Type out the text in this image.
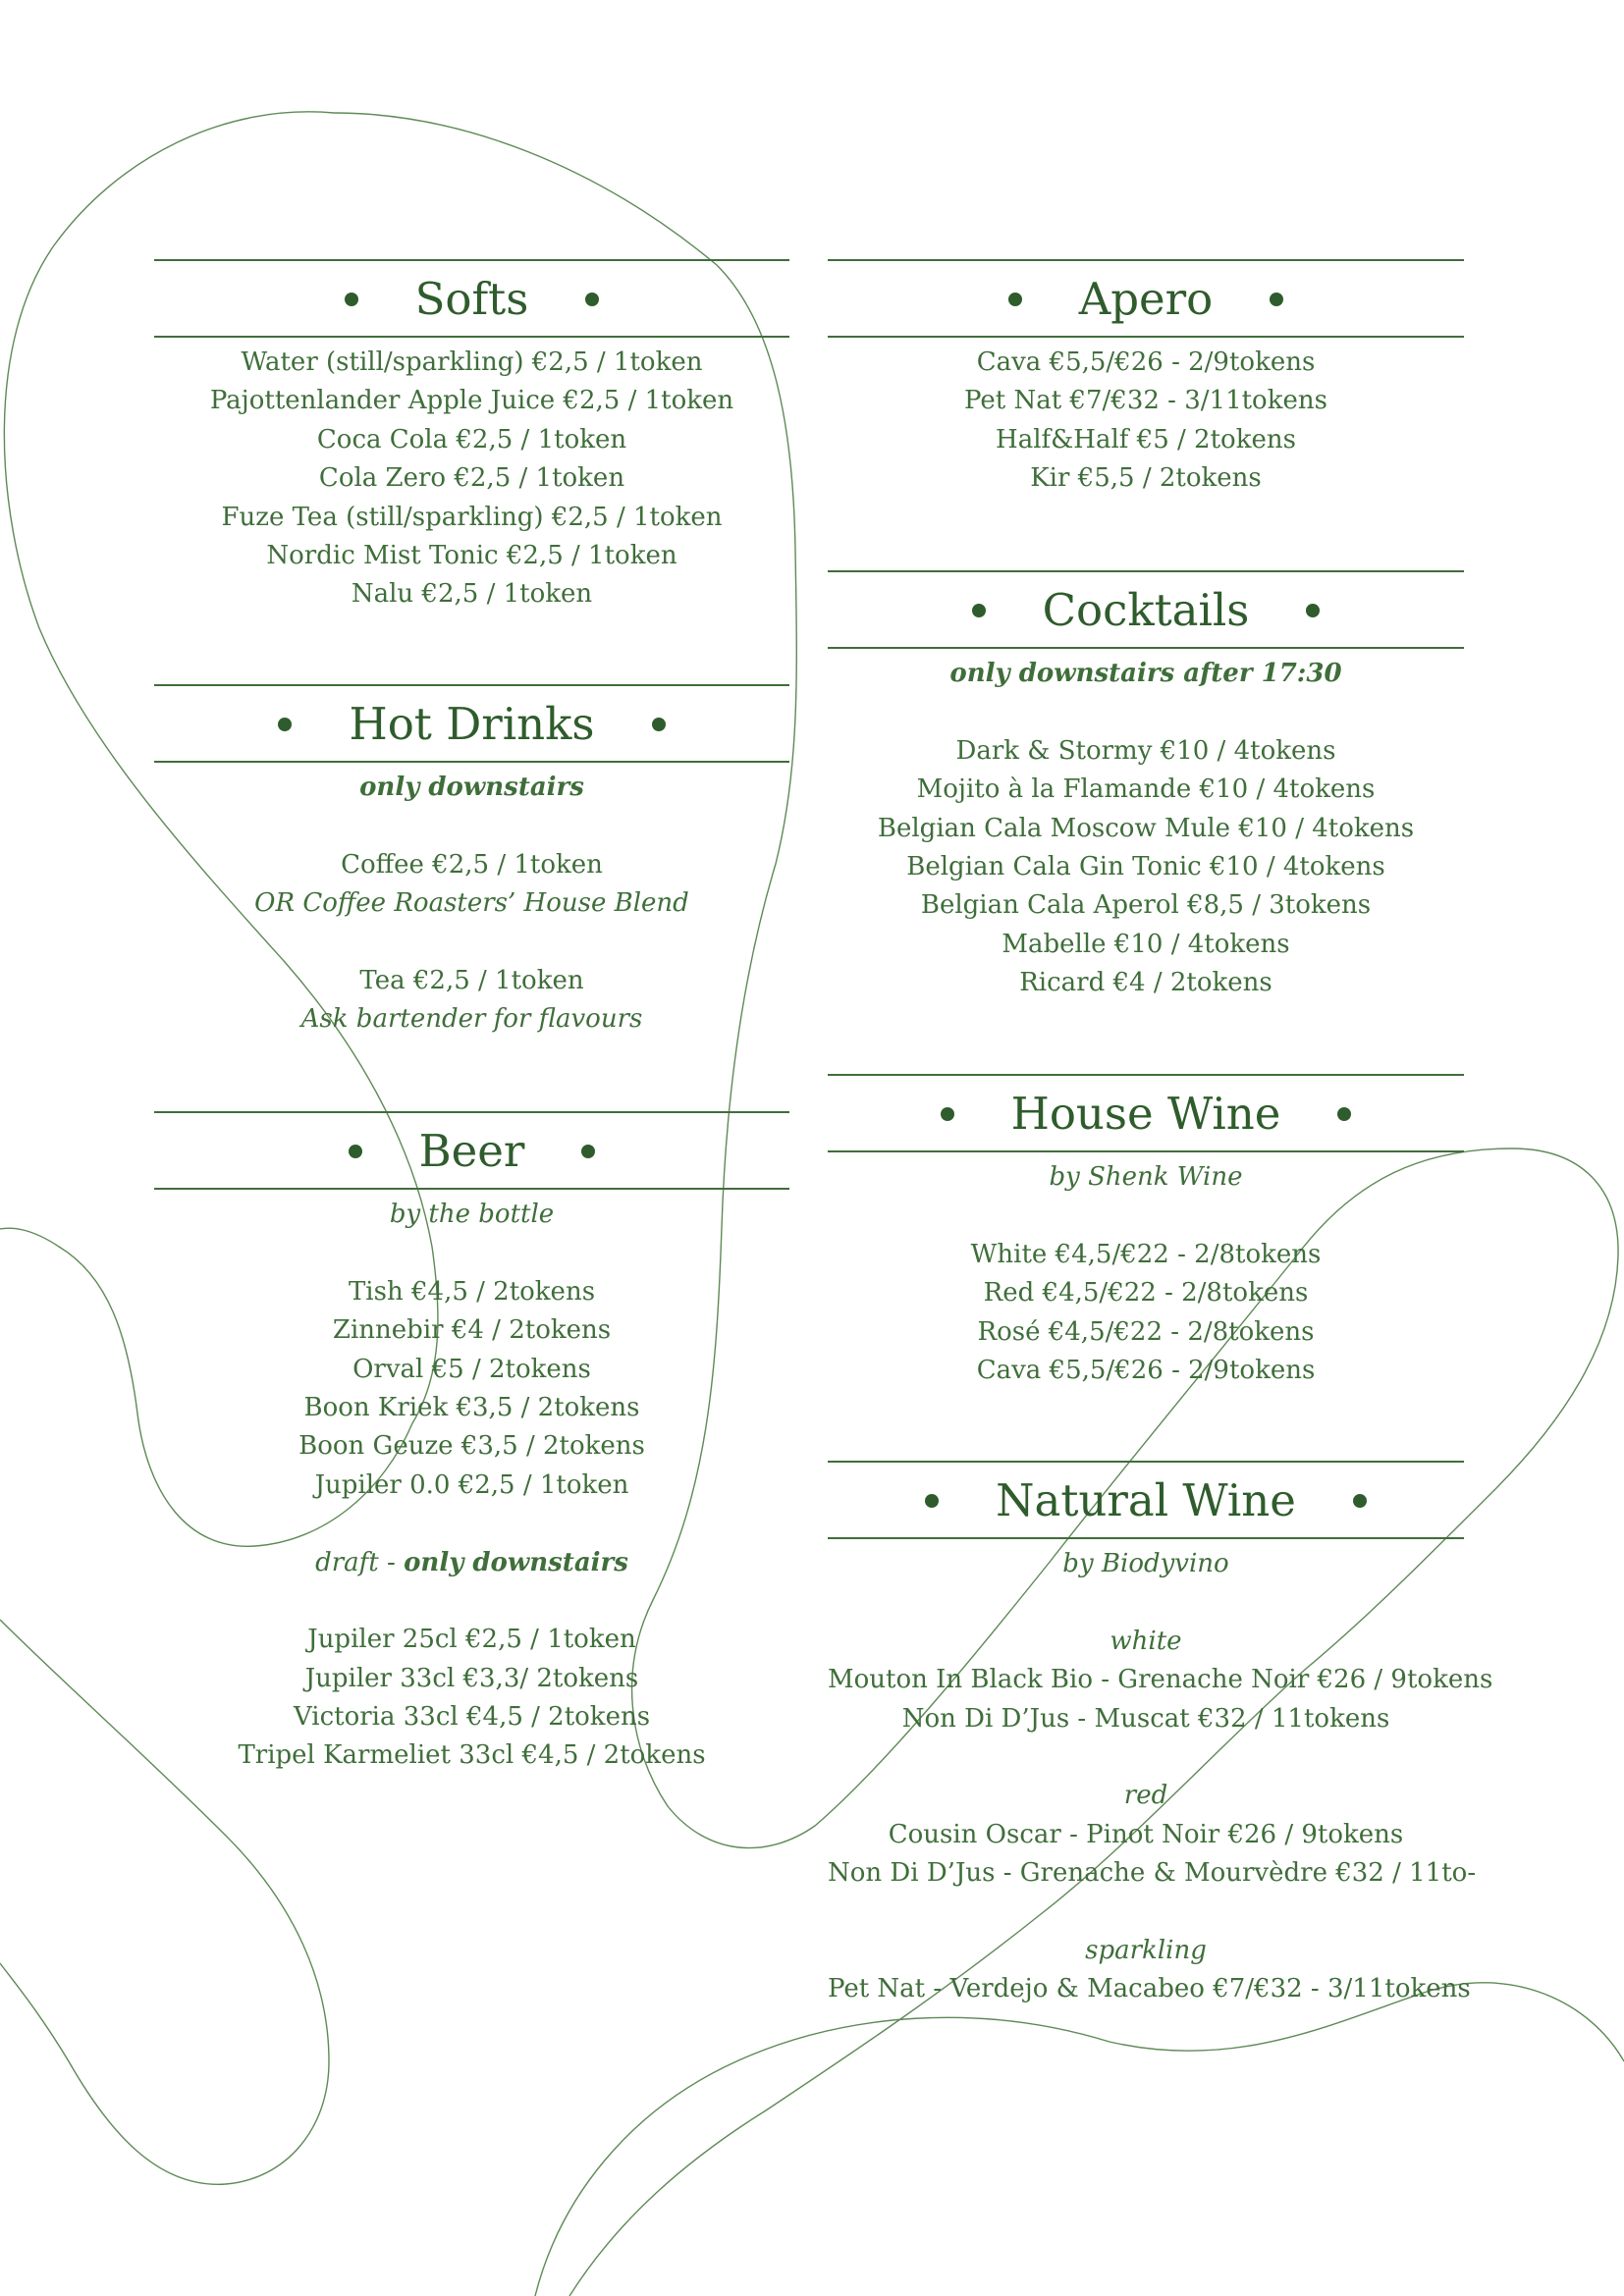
Softs
Water (still/sparkling) €2,5 / 1token
Pajottenlander Apple Juice €2,5 / 1token
Coca Cola €2,5 / 1token
Cola Zero €2,5 / 1token
Fuze Tea (still/sparkling) €2,5 / 1token
Nordic Mist Tonic €2,5 / 1token
Nalu €2,5 / 1token
Hot Drinks
only downstairs
Coffee €2,5 / 1token
OR Coffee Roasters’ House Blend
Tea €2,5 / 1token
Ask bartender for flavours
Beer
by the bottle
Tish €4,5 / 2tokens
Zinnebir €4 / 2tokens
Orval €5 / 2tokens
Boon Kriek €3,5 / 2tokens
Boon Geuze €3,5 / 2tokens
Jupiler 0.0 €2,5 / 1token
draft - only downstairs
Jupiler 25cl €2,5 / 1token
Jupiler 33cl €3,3/ 2tokens
Victoria 33cl €4,5 / 2tokens
Tripel Karmeliet 33cl €4,5 / 2tokens
Apero
Cava €5,5/€26 - 2/9tokens
Pet Nat €7/€32 - 3/11tokens
Half&Half €5 / 2tokens
Kir €5,5 / 2tokens
Cocktails
only downstairs after 17:30
Dark & Stormy €10 / 4tokens
Mojito à la Flamande €10 / 4tokens
Belgian Cala Moscow Mule €10 / 4tokens
Belgian Cala Gin Tonic €10 / 4tokens
Belgian Cala Aperol €8,5 / 3tokens
Mabelle €10 / 4tokens
Ricard €4 / 2tokens
House Wine
by Shenk Wine
White €4,5/€22 - 2/8tokens
Red €4,5/€22 - 2/8tokens
Rosé €4,5/€22 - 2/8tokens
Cava €5,5/€26 - 2/9tokens
Natural Wine
by Biodyvino
white
Mouton In Black Bio - Grenache Noir €26 / 9tokens
Non Di D’Jus - Muscat €32 / 11tokens
red
Cousin Oscar - Pinot Noir €26 / 9tokens
Non Di D’Jus - Grenache & Mourvèdre €32 / 11to-
sparkling
Pet Nat - Verdejo & Macabeo €7/€32 - 3/11tokens
